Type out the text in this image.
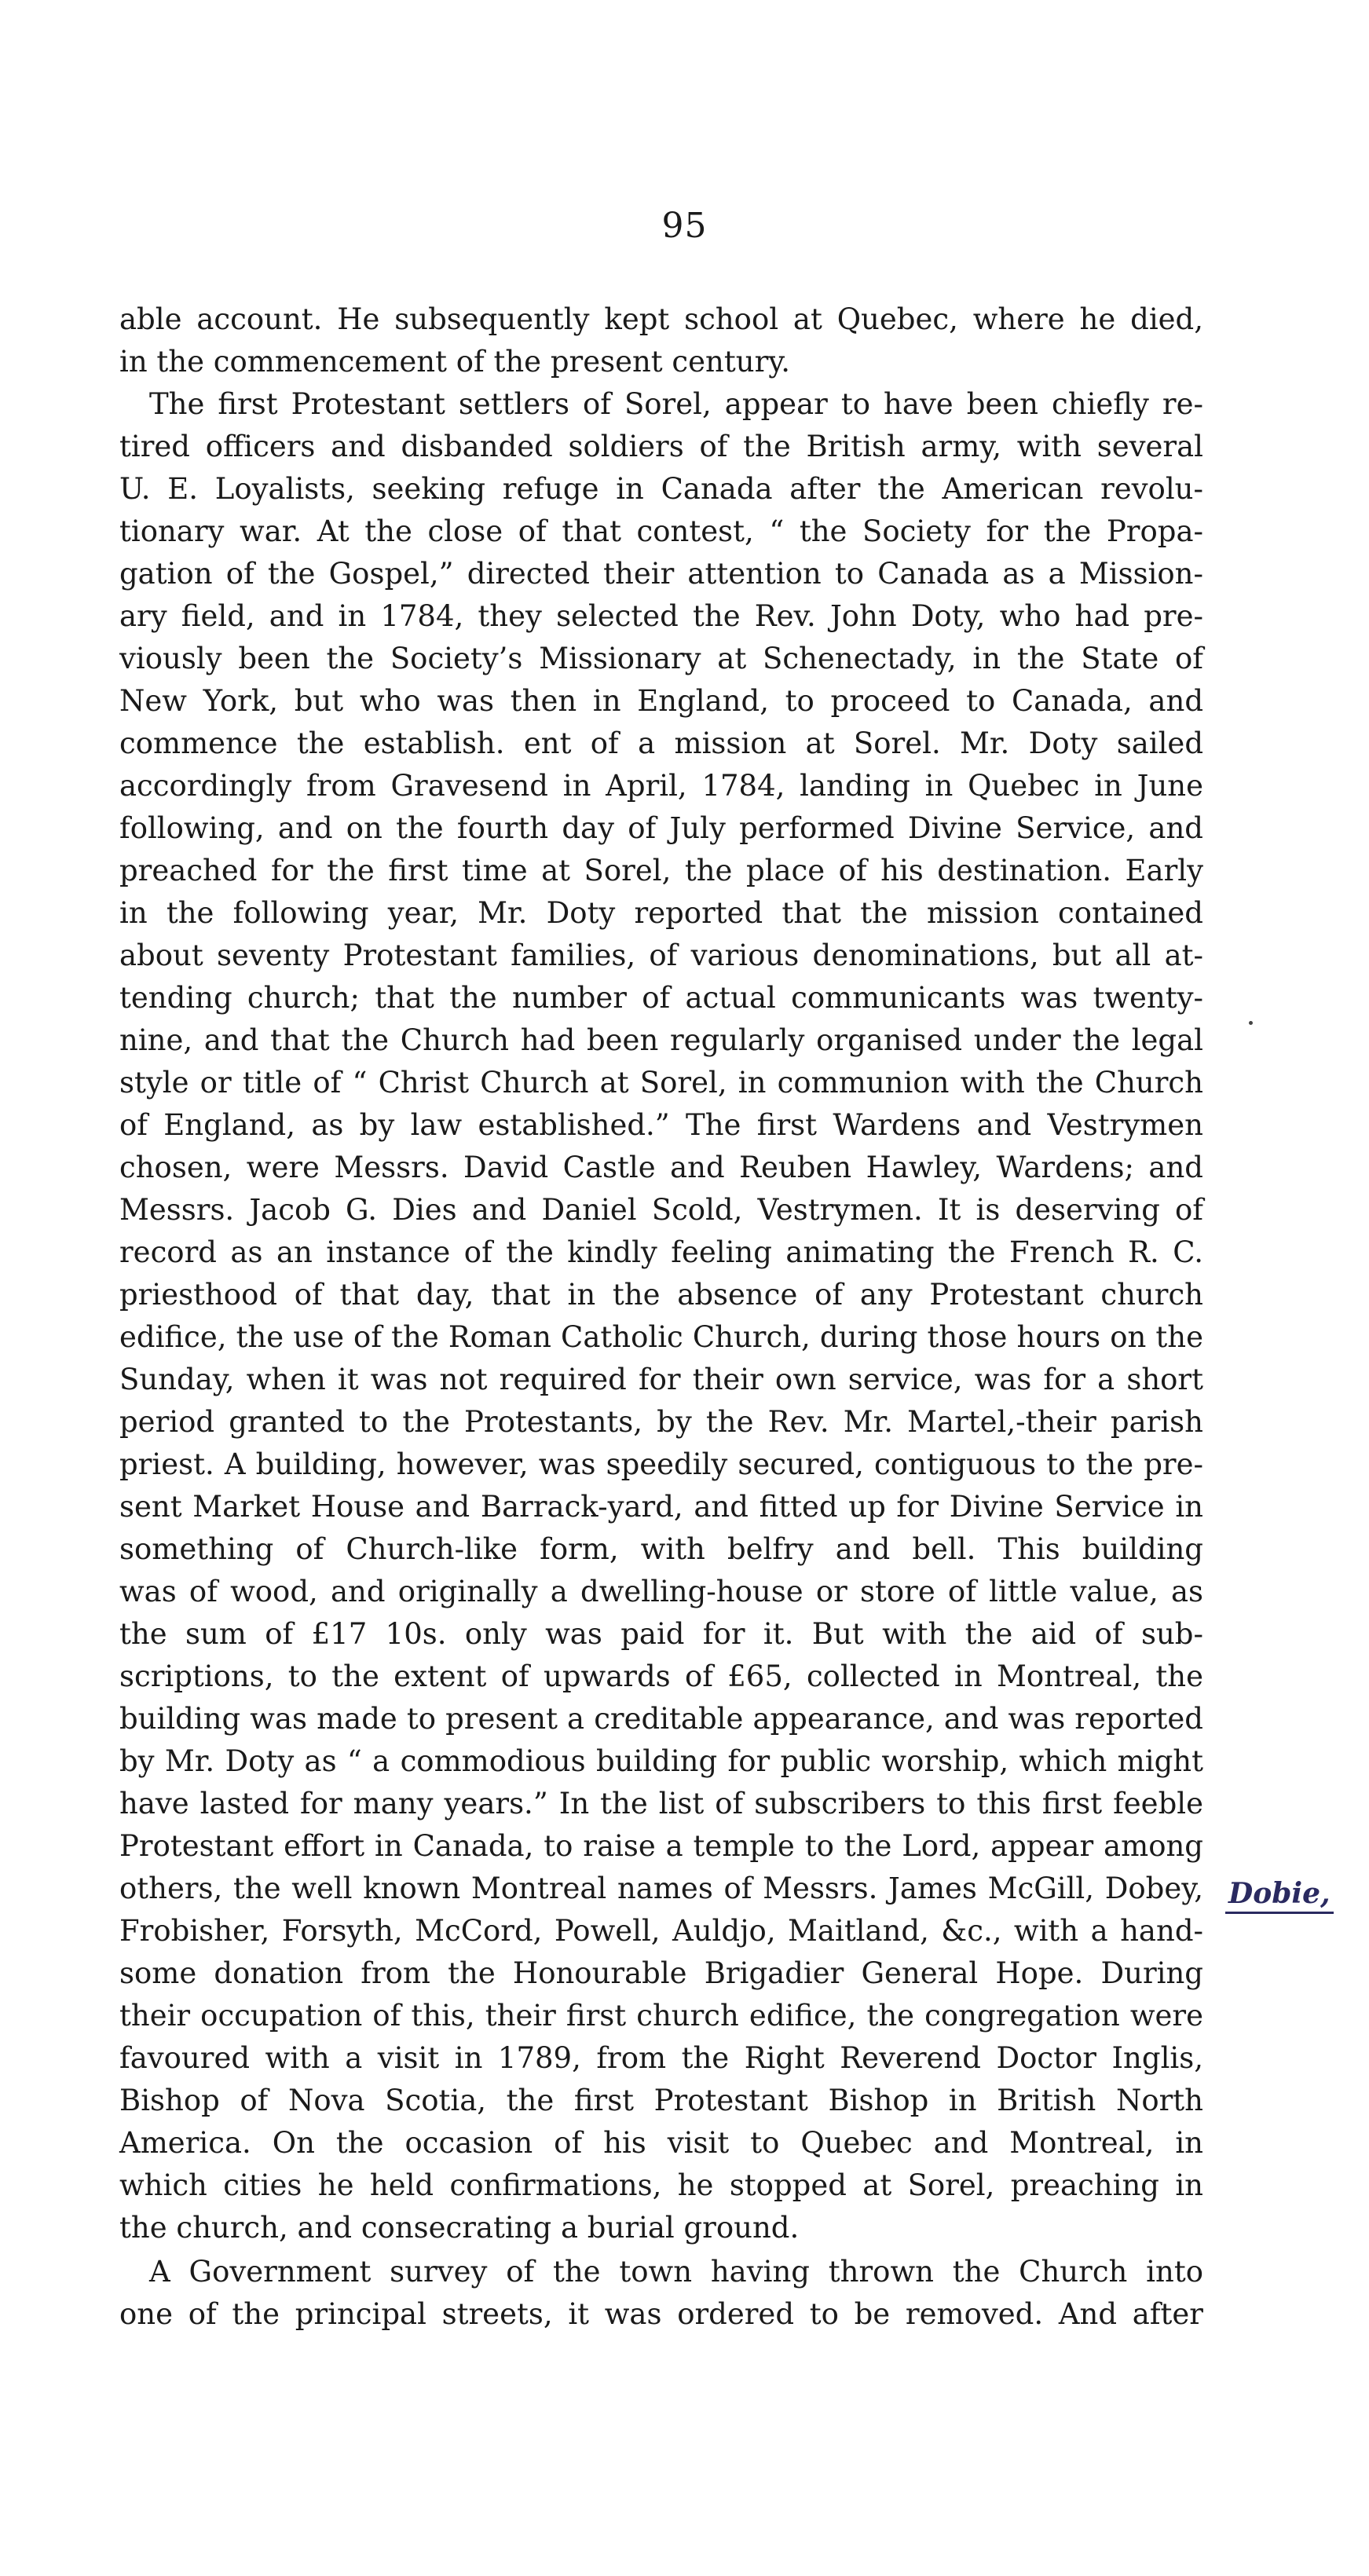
95
able account. He subsequently kept school at Quebec, where he died,
in the commencement of the present century.
The first Protestant settlers of Sorel, appear to have been chiefly re-
tired officers and disbanded soldiers of the British army, with several
U. E. Loyalists, seeking refuge in Canada after the American revolu-
tionary war. At the close of that contest, “ the Society for the Propa-
gation of the Gospel,” directed their attention to Canada as a Mission-
ary field, and in 1784, they selected the Rev. John Doty, who had pre-
viously been the Society’s Missionary at Schenectady, in the State of
New York, but who was then in England, to proceed to Canada, and
commence the establish. ent of a mission at Sorel. Mr. Doty sailed
accordingly from Gravesend in April, 1784, landing in Quebec in June
following, and on the fourth day of July performed Divine Service, and
preached for the first time at Sorel, the place of his destination. Early
in the following year, Mr. Doty reported that the mission contained
about seventy Protestant families, of various denominations, but all at-
tending church; that the number of actual communicants was twenty-
nine, and that the Church had been regularly organised under the legal
style or title of “ Christ Church at Sorel, in communion with the Church
of England, as by law established.” The first Wardens and Vestrymen
chosen, were Messrs. David Castle and Reuben Hawley, Wardens; and
Messrs. Jacob G. Dies and Daniel Scold, Vestrymen. It is deserving of
record as an instance of the kindly feeling animating the French R. C.
priesthood of that day, that in the absence of any Protestant church
edifice, the use of the Roman Catholic Church, during those hours on the
Sunday, when it was not required for their own service, was for a short
period granted to the Protestants, by the Rev. Mr. Martel,-their parish
priest. A building, however, was speedily secured, contiguous to the pre-
sent Market House and Barrack-yard, and fitted up for Divine Service in
something of Church-like form, with belfry and bell. This building
was of wood, and originally a dwelling-house or store of little value, as
the sum of £17 10s. only was paid for it. But with the aid of sub-
scriptions, to the extent of upwards of £65, collected in Montreal, the
building was made to present a creditable appearance, and was reported
by Mr. Doty as “ a commodious building for public worship, which might
have lasted for many years.” In the list of subscribers to this first feeble
Protestant effort in Canada, to raise a temple to the Lord, appear among
others, the well known Montreal names of Messrs. James McGill, Dobey,
Frobisher, Forsyth, McCord, Powell, Auldjo, Maitland, &c., with a hand-
some donation from the Honourable Brigadier General Hope. During
their occupation of this, their first church edifice, the congregation were
favoured with a visit in 1789, from the Right Reverend Doctor Inglis,
Bishop of Nova Scotia, the first Protestant Bishop in British North
America. On the occasion of his visit to Quebec and Montreal, in
which cities he held confirmations, he stopped at Sorel, preaching in
the church, and consecrating a burial ground.
A Government survey of the town having thrown the Church into
one of the principal streets, it was ordered to be removed. And after
Dobie,
